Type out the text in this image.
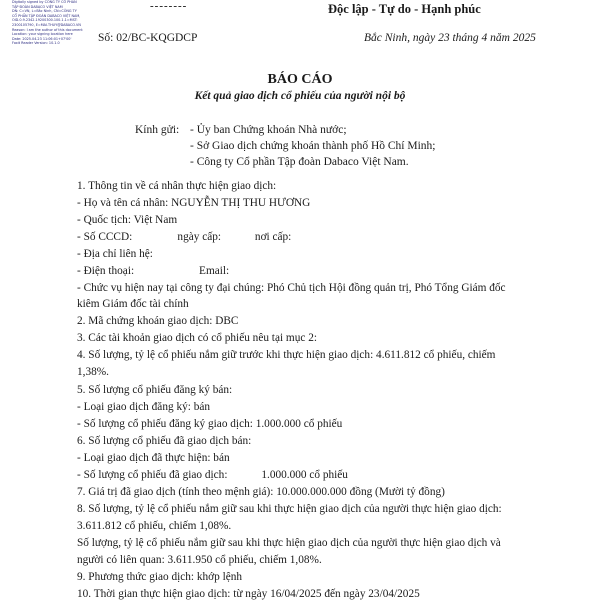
Digitally signed by CÔNG TY CỔ PHẦN
TẬP ĐOÀN DABACO VIỆT NAM
DN: C=VN, L=Bắc Ninh, CN=CÔNG TY
CỔ PHẦN TẬP ĐOÀN DABACO VIỆT NAM,
OID.0.9.2342.19200300.100.1.1=MST:
2300105790, E=MAI.THUY@DABACO.VN
Reason: I am the author of this document
Location: your signing location here
Date: 2025.04.23 11:06:01+07'00'
Foxit Reader Version: 10.1.0
--------	Độc lập - Tự do - Hạnh phúc
Số: 02/BC-KQGDCP	Bắc Ninh, ngày 23 tháng 4 năm 2025
BÁO CÁO
Kết quả giao dịch cổ phiếu của người nội bộ
Kính gửi: - Ủy ban Chứng khoán Nhà nước;
- Sở Giao dịch chứng khoán thành phố Hồ Chí Minh;
- Công ty Cổ phần Tập đoàn Dabaco Việt Nam.
1. Thông tin về cá nhân thực hiện giao dịch:
- Họ và tên cá nhân: NGUYỄN THỊ THU HƯƠNG
- Quốc tịch: Việt Nam
- Số CCCD:                ngày cấp:            nơi cấp:
- Địa chỉ liên hệ:
- Điện thoại:                       Email:
- Chức vụ hiện nay tại công ty đại chúng: Phó Chủ tịch Hội đồng quản trị, Phó Tổng Giám đốc
kiêm Giám đốc tài chính
2. Mã chứng khoán giao dịch: DBC
3. Các tài khoản giao dịch có cổ phiếu nêu tại mục 2:
4. Số lượng, tỷ lệ cổ phiếu nắm giữ trước khi thực hiện giao dịch: 4.611.812 cổ phiếu, chiếm
1,38%.
5. Số lượng cổ phiếu đăng ký bán:
- Loại giao dịch đăng ký: bán
- Số lượng cổ phiếu đăng ký giao dịch: 1.000.000 cổ phiếu
6. Số lượng cổ phiếu đã giao dịch bán:
- Loại giao dịch đã thực hiện: bán
- Số lượng cổ phiếu đã giao dịch:            1.000.000 cổ phiếu
7. Giá trị đã giao dịch (tính theo mệnh giá): 10.000.000.000 đồng (Mười tỷ đồng)
8. Số lượng, tỷ lệ cổ phiếu nắm giữ sau khi thực hiện giao dịch của người thực hiện giao dịch:
3.611.812 cổ phiếu, chiếm 1,08%.
Số lượng, tỷ lệ cổ phiếu nắm giữ sau khi thực hiện giao dịch của người thực hiện giao dịch và
người có liên quan: 3.611.950 cổ phiếu, chiếm 1,08%.
9. Phương thức giao dịch: khớp lệnh
10. Thời gian thực hiện giao dịch: từ ngày 16/04/2025 đến ngày 23/04/2025
